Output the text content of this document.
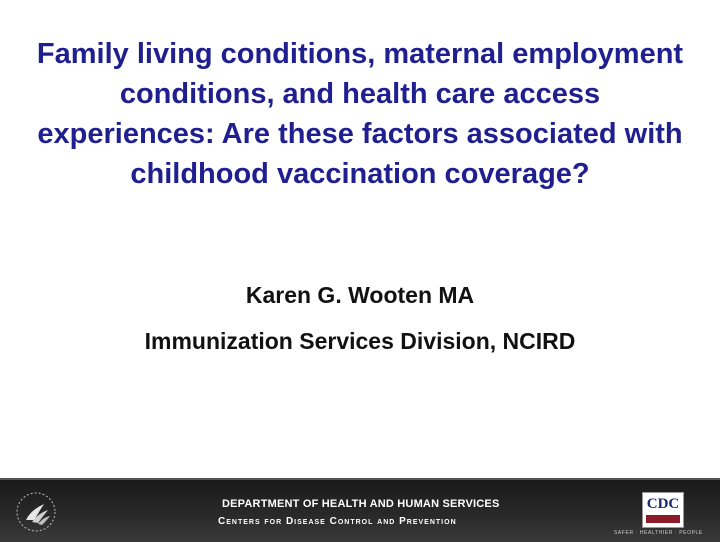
Family living conditions, maternal employment conditions, and health care access experiences: Are these factors associated with childhood vaccination coverage?
Karen G. Wooten MA
Immunization Services Division, NCIRD
DEPARTMENT OF HEALTH AND HUMAN SERVICES
Centers for Disease Control and Prevention
CDC
SAFER · HEALTHIER · PEOPLE
